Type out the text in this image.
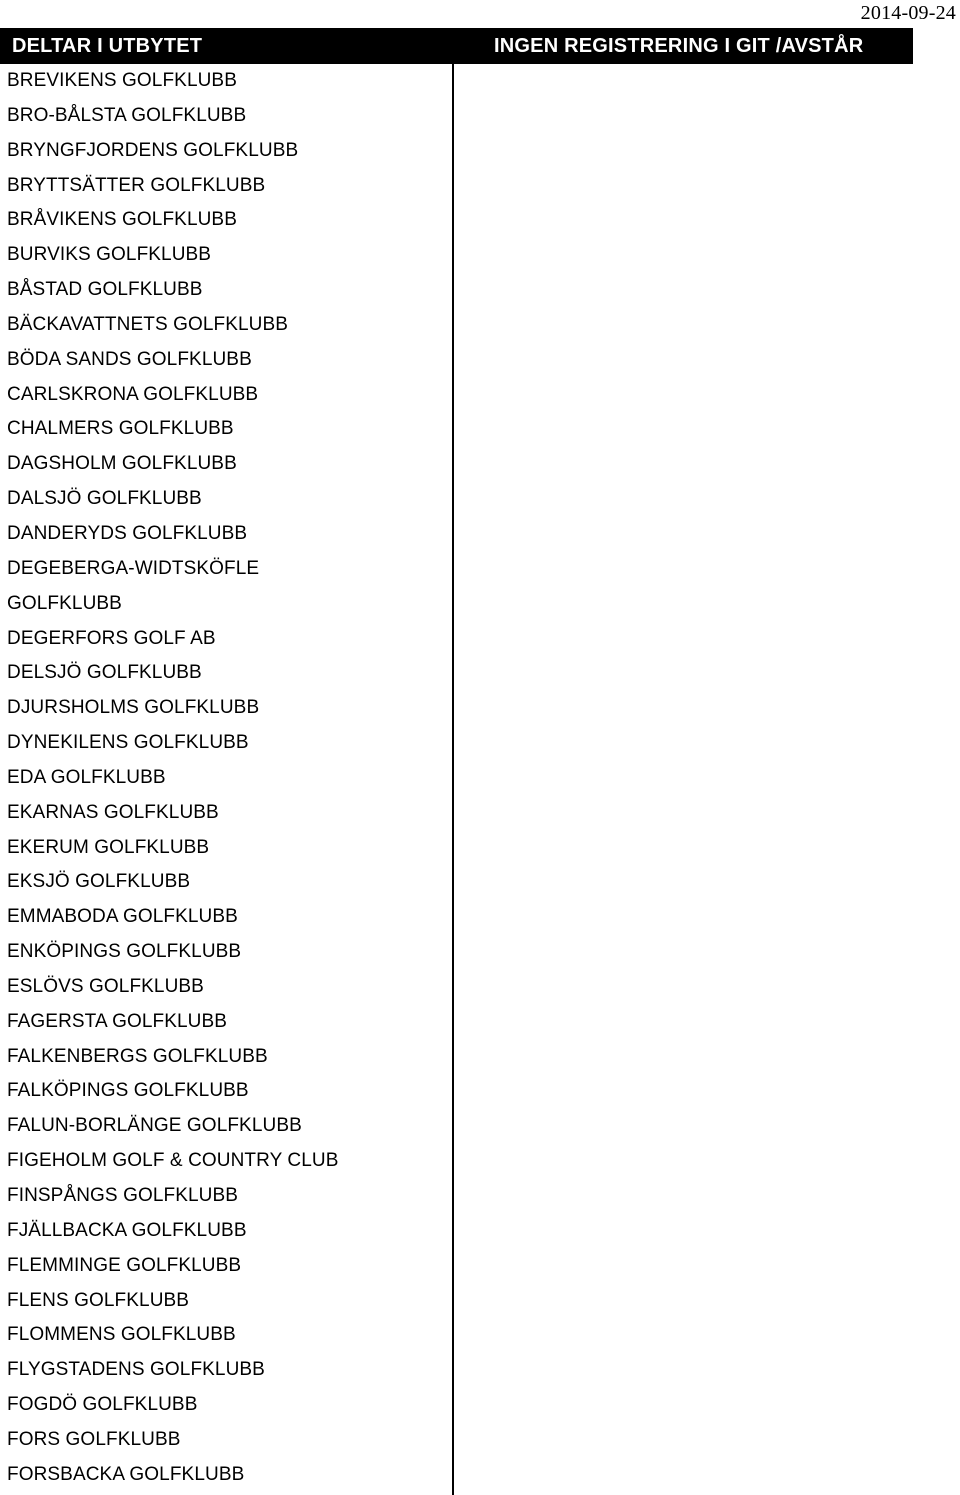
2014-09-24
DELTAR I UTBYTET	INGEN REGISTRERING I GIT /AVSTÅR
BREVIKENS GOLFKLUBB
BRO-BÅLSTA GOLFKLUBB
BRYNGFJORDENS GOLFKLUBB
BRYTTSÄTTER GOLFKLUBB
BRÅVIKENS GOLFKLUBB
BURVIKS GOLFKLUBB
BÅSTAD GOLFKLUBB
BÄCKAVATTNETS GOLFKLUBB
BÖDA SANDS GOLFKLUBB
CARLSKRONA GOLFKLUBB
CHALMERS GOLFKLUBB
DAGSHOLM GOLFKLUBB
DALSJÖ GOLFKLUBB
DANDERYDS GOLFKLUBB
DEGEBERGA-WIDTSKÖFLE
GOLFKLUBB
DEGERFORS GOLF AB
DELSJÖ GOLFKLUBB
DJURSHOLMS GOLFKLUBB
DYNEKILENS GOLFKLUBB
EDA GOLFKLUBB
EKARNAS GOLFKLUBB
EKERUM GOLFKLUBB
EKSJÖ GOLFKLUBB
EMMABODA GOLFKLUBB
ENKÖPINGS GOLFKLUBB
ESLÖVS GOLFKLUBB
FAGERSTA GOLFKLUBB
FALKENBERGS GOLFKLUBB
FALKÖPINGS GOLFKLUBB
FALUN-BORLÄNGE GOLFKLUBB
FIGEHOLM GOLF & COUNTRY CLUB
FINSPÅNGS GOLFKLUBB
FJÄLLBACKA GOLFKLUBB
FLEMMINGE GOLFKLUBB
FLENS GOLFKLUBB
FLOMMENS GOLFKLUBB
FLYGSTADENS GOLFKLUBB
FOGDÖ GOLFKLUBB
FORS GOLFKLUBB
FORSBACKA GOLFKLUBB
